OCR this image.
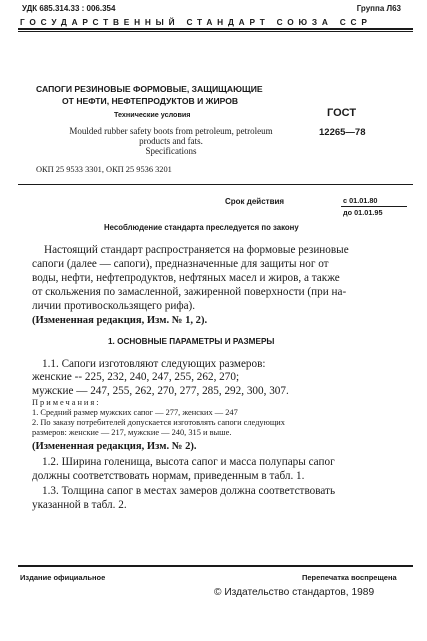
УДК 685.314.33 : 006.354	Группа Л63
ГОСУДАРСТВЕННЫЙ СТАНДАРТ СОЮЗА ССР
САПОГИ РЕЗИНОВЫЕ ФОРМОВЫЕ, ЗАЩИЩАЮЩИЕ
ОТ НЕФТИ, НЕФТЕПРОДУКТОВ И ЖИРОВ
Технические условия
Moulded rubber safety boots from petroleum, petroleum
products and fats.
Specifications
ОКП 25 9533 3301, ОКП 25 9536 3201
ГОСТ
12265—78
Срок действия	с 01.01.80
до 01.01.95
Несоблюдение стандарта преследуется по закону
Настоящий стандарт распространяется на формовые резиновые
сапоги (далее — сапоги), предназначенные для защиты ног от
воды, нефти, нефтепродуктов, нефтяных масел и жиров, а также
от скольжения по замасленной, зажиренной поверхности (при на-
личии противоскользящего рифа).
(Измененная редакция, Изм. № 1, 2).
1. ОСНОВНЫЕ ПАРАМЕТРЫ И РАЗМЕРЫ
1.1. Сапоги изготовляют следующих размеров:
женские -- 225, 232, 240, 247, 255, 262, 270;
мужские — 247, 255, 262, 270, 277, 285, 292, 300, 307.
Примечания:
1. Средний размер мужских сапог — 277, женских — 247
2. По заказу потребителей допускается изготовлять сапоги следующих
размеров: женские — 217, мужские — 240, 315 и выше.
(Измененная редакция, Изм. № 2).
1.2. Ширина голенища, высота сапог и масса полупары сапог
должны соответствовать нормам, приведенным в табл. 1.
1.3. Толщина сапог в местах замеров должна соответствовать
указанной в табл. 2.
Издание официальное	Перепечатка воспрещена
© Издательство стандартов, 1989
